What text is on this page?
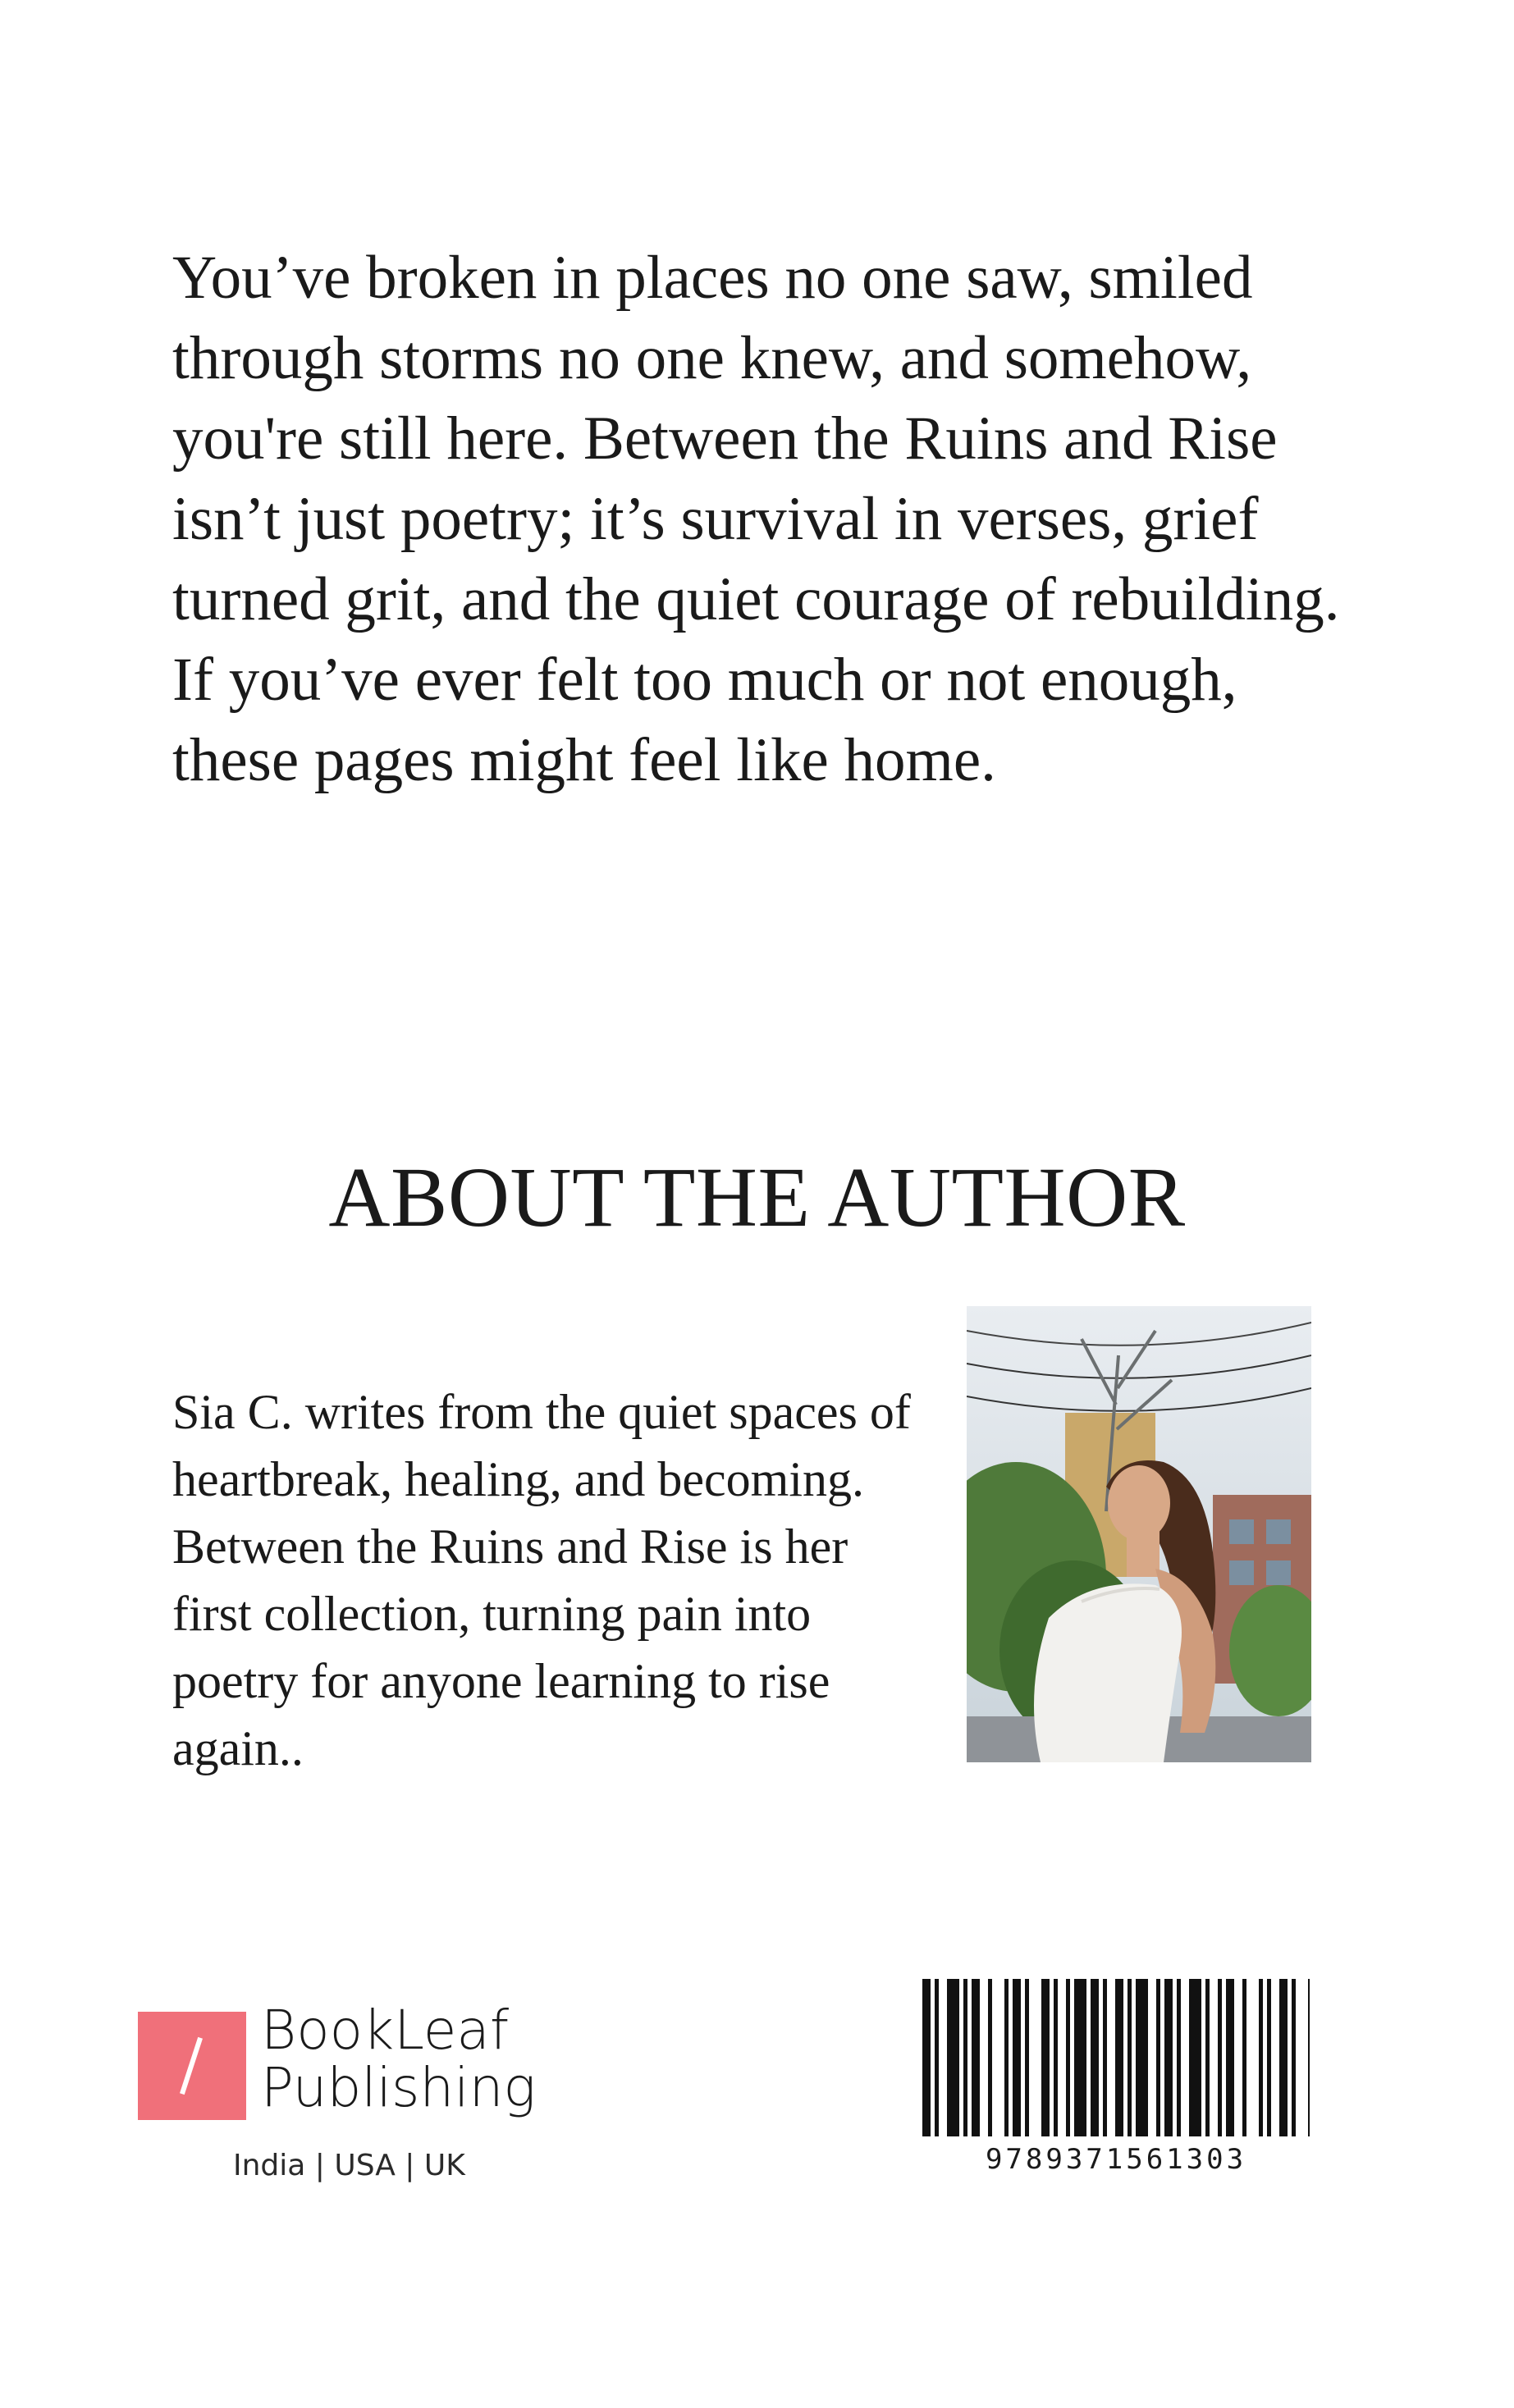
You’ve broken in places no one saw, smiled
through storms no one knew, and somehow,
you're still here. Between the Ruins and Rise
isn’t just poetry; it’s survival in verses, grief
turned grit, and the quiet courage of rebuilding.
If you’ve ever felt too much or not enough,
these pages might feel like home.

ABOUT THE AUTHOR

Sia C. writes from the quiet spaces of
heartbreak, healing, and becoming.
Between the Ruins and Rise is her
first collection, turning pain into
poetry for anyone learning to rise
again..

BookLeaf
Publishing
India | USA | UK	9789371561303
